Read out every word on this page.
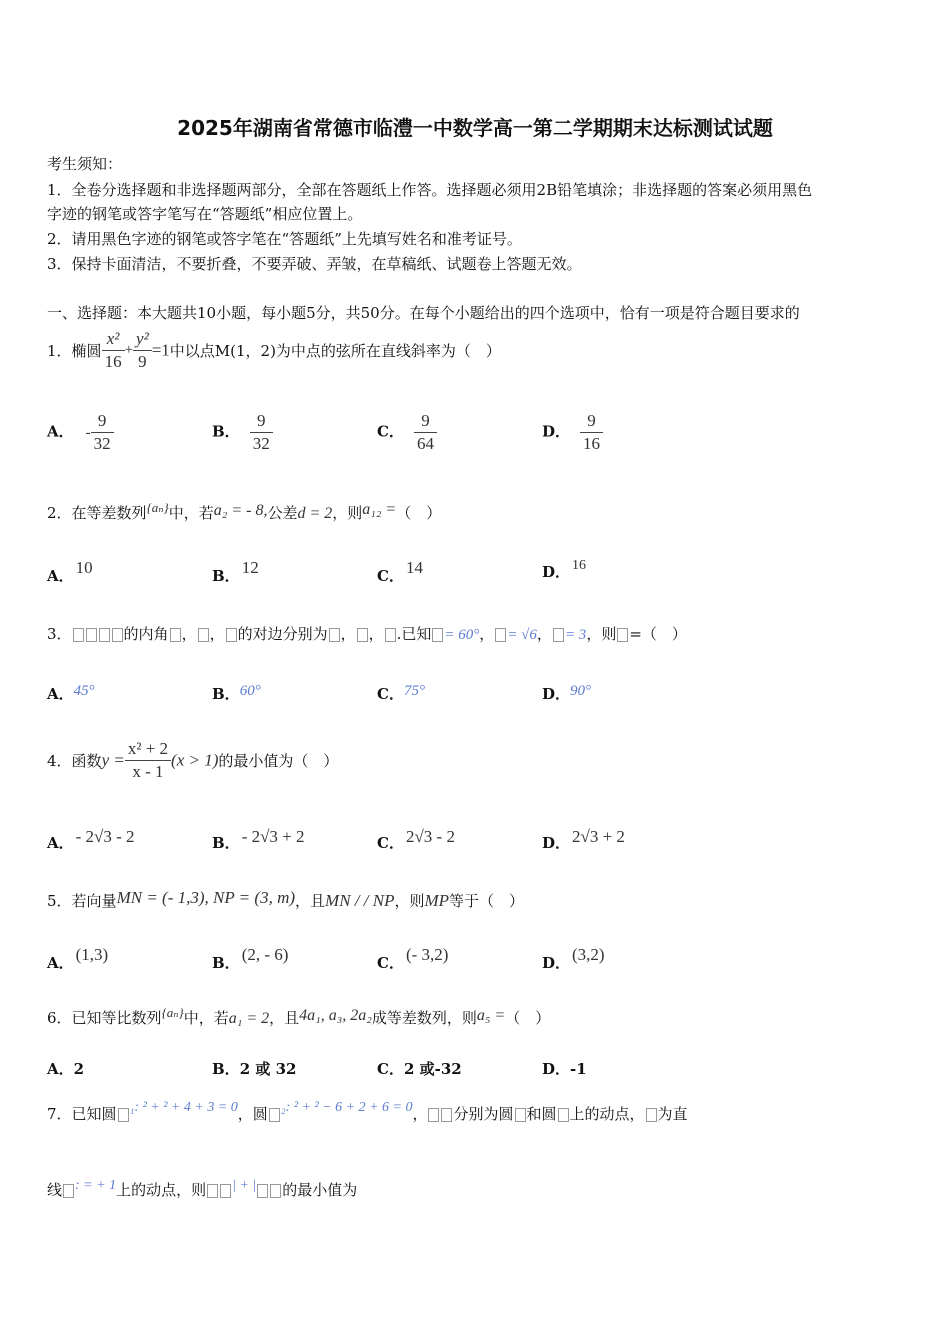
2025年湖南省常德市临澧一中数学高一第二学期期末达标测试试题
考生须知：
1．全卷分选择题和非选择题两部分，全部在答题纸上作答。选择题必须用2B铅笔填涂；非选择题的答案必须用黑色
字迹的钢笔或答字笔写在“答题纸”相应位置上。
2．请用黑色字迹的钢笔或答字笔在“答题纸”上先填写姓名和准考证号。
3．保持卡面清洁，不要折叠，不要弄破、弄皱，在草稿纸、试题卷上答题无效。
一、选择题：本大题共10小题，每小题5分，共50分。在每个小题给出的四个选项中，恰有一项是符合题目要求的
1．椭圆 $\frac{\text{x²}}{16} + \frac{\text{y²}}{9} =1$中以点M(1，2)为中点的弦所在直线斜率为（　）
A． - $\frac{9}{32}$	B． $\frac{9}{32}$	C． $\frac{9}{64}$	D． $\frac{9}{16}$
2．在等差数列{aₙ}中，若a₂ = - 8,公差d = 2，则a₁₂ =（　）
A． 10	B． 12	C． 14	D． 16
3．	的内角 ， ， 的对边分别为 ， ， .已知 = 60°， = √6， = 3，则 =（　）
A．45°	B．60°	C．75°	D．90°
4．函数$y = \frac{\text{x² + 2}}{x - 1} (x > 1)$的最小值为（　）
A． - 2√3 - 2	B． - 2√3 + 2	C． 2√3 - 2	D． 2√3 + 2
5．若向量MN = (- 1,3), NP = (3, m)，且MN / / NP，则MP等于（　）
A． (1,3)	B． (2, - 6)	C． (- 3,2)	D． (3,2)
6．已知等比数列{aₙ}中，若a₁ = 2，且4a₁, a₃, 2a₂成等差数列，则a₅ =（　）
A．2	B．2 或 32	C．2 或-32	D．-1
7．已知圆 ₁: ² + ² + 4 + 3 = 0，圆 ₂: ² + ² − 6 + 2 + 6 = 0， 分别为圆 和圆 上的动点， 为直
线 : = + 1上的动点，则 | + | 的最小值为
